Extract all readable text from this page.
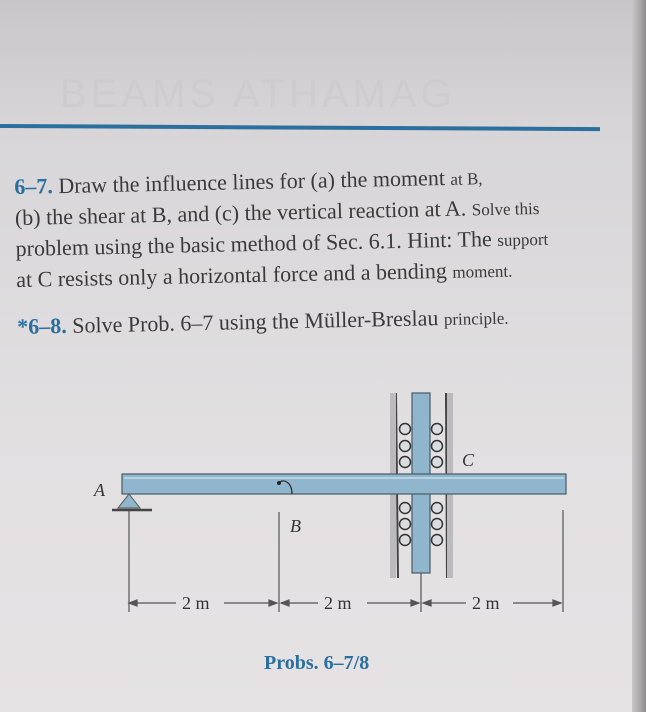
BEAMS ATHAMAG
6–7. Draw the influence lines for (a) the moment at B,
(b) the shear at B, and (c) the vertical reaction at A. Solve this
problem using the basic method of Sec. 6.1. Hint: The support
at C resists only a horizontal force and a bending moment.
*6–8. Solve Prob. 6–7 using the Müller-Breslau principle.
A
B
C
2 m	2 m	2 m
Probs. 6–7/8
